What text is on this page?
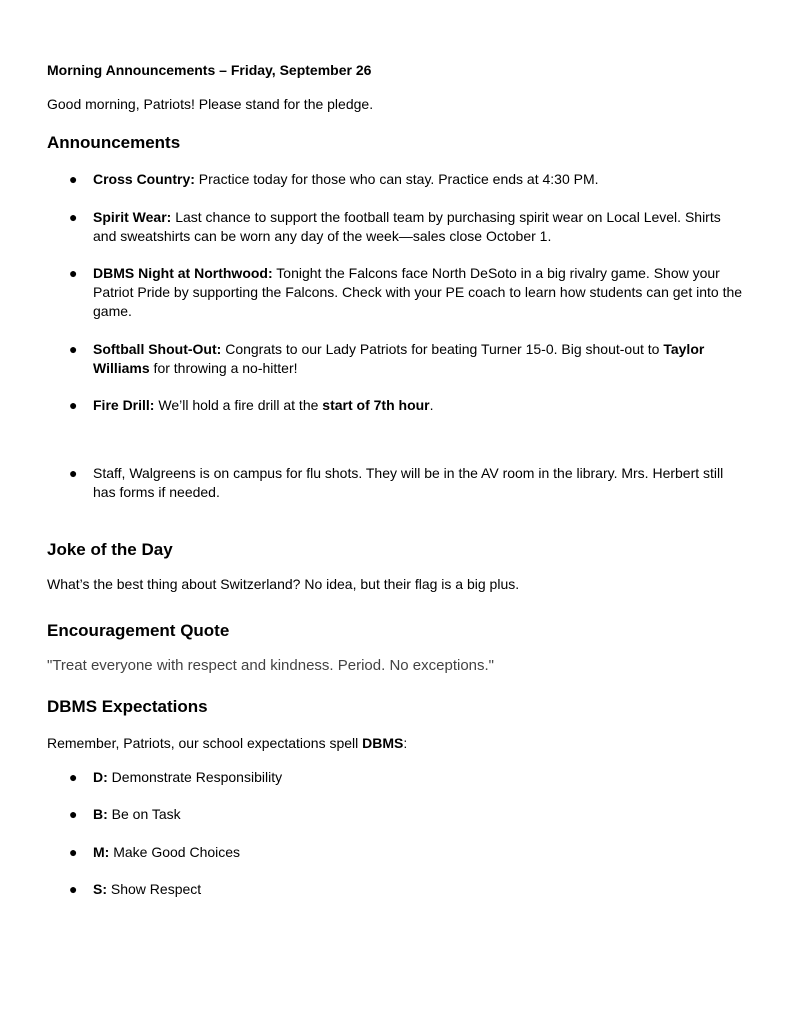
Morning Announcements – Friday, September 26
Good morning, Patriots! Please stand for the pledge.
Announcements
● Cross Country: Practice today for those who can stay. Practice ends at 4:30 PM.
● Spirit Wear: Last chance to support the football team by purchasing spirit wear on Local Level. Shirts and sweatshirts can be worn any day of the week—sales close October 1.
● DBMS Night at Northwood: Tonight the Falcons face North DeSoto in a big rivalry game. Show your Patriot Pride by supporting the Falcons. Check with your PE coach to learn how students can get into the game.
● Softball Shout-Out: Congrats to our Lady Patriots for beating Turner 15-0. Big shout-out to Taylor Williams for throwing a no-hitter!
● Fire Drill: We’ll hold a fire drill at the start of 7th hour.
● Staff, Walgreens is on campus for flu shots. They will be in the AV room in the library. Mrs. Herbert still has forms if needed.
Joke of the Day
What’s the best thing about Switzerland? No idea, but their flag is a big plus.
Encouragement Quote
"Treat everyone with respect and kindness. Period. No exceptions."
DBMS Expectations
Remember, Patriots, our school expectations spell DBMS:
● D: Demonstrate Responsibility
● B: Be on Task
● M: Make Good Choices
● S: Show Respect
